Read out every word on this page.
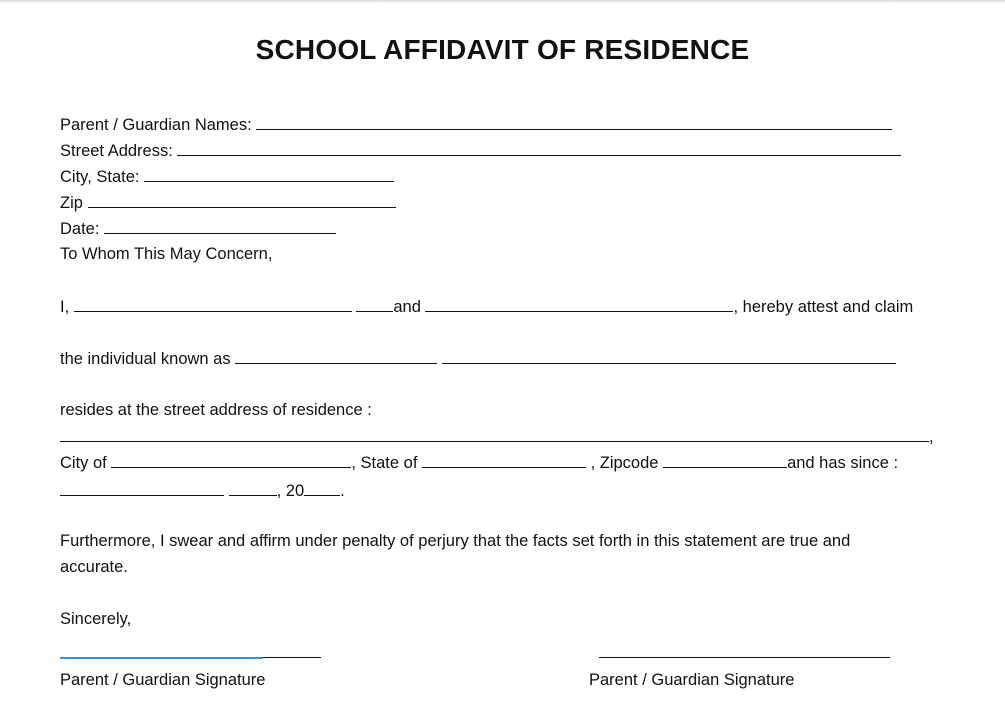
SCHOOL AFFIDAVIT OF RESIDENCE
Parent / Guardian Names:
Street Address:
City, State:
Zip
Date:
To Whom This May Concern,
I,	and	, hereby attest and claim
the individual known as
resides at the street address of residence :
,
City of	, State of	, Zipcode	and has since :
, 20 .
Furthermore, I swear and affirm under penalty of perjury that the facts set forth in this statement are true and
accurate.
Sincerely,
Parent / Guardian Signature	Parent / Guardian Signature
